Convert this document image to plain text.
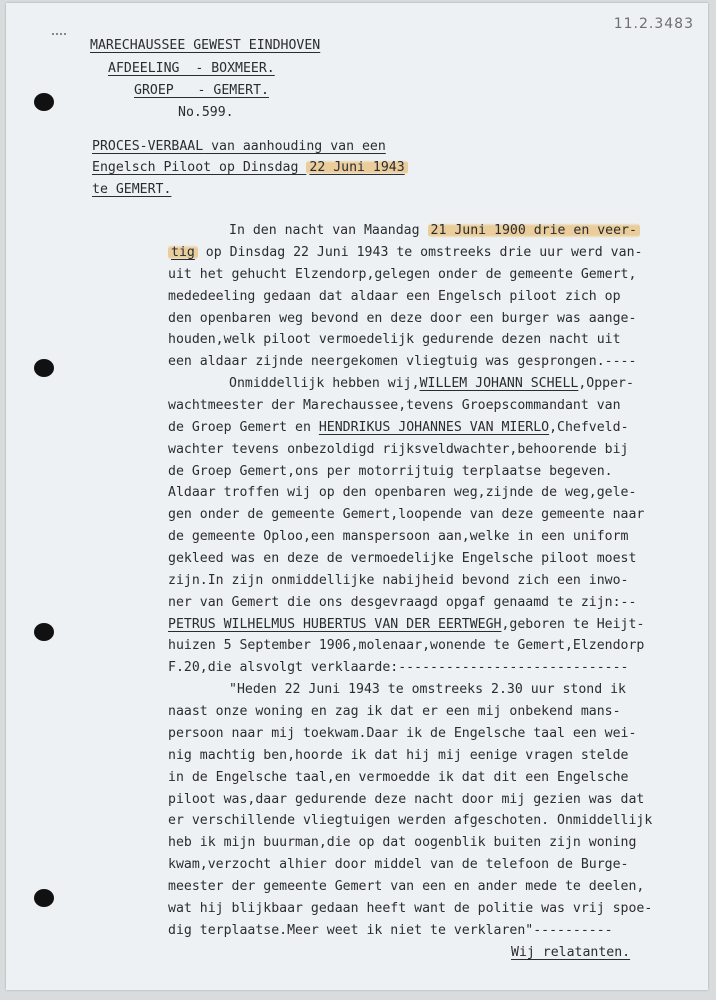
11.2.3483
MARECHAUSSEE GEWEST EINDHOVEN
AFDEELING  - BOXMEER.
GROEP   - GEMERT.
No.599.
PROCES-VERBAAL van aanhouding van een
Engelsch Piloot op Dinsdag 22 Juni 1943
te GEMERT.
In den nacht van Maandag 21 Juni 1900 drie en veer-
tig op Dinsdag 22 Juni 1943 te omstreeks drie uur werd van-
uit het gehucht Elzendorp,gelegen onder de gemeente Gemert,
mededeeling gedaan dat aldaar een Engelsch piloot zich op
den openbaren weg bevond en deze door een burger was aange-
houden,welk piloot vermoedelijk gedurende dezen nacht uit
een aldaar zijnde neergekomen vliegtuig was gesprongen.----
Onmiddellijk hebben wij,WILLEM JOHANN SCHELL,Opper-
wachtmeester der Marechaussee,tevens Groepscommandant van
de Groep Gemert en HENDRIKUS JOHANNES VAN MIERLO,Chefveld-
wachter tevens onbezoldigd rijksveldwachter,behoorende bij
de Groep Gemert,ons per motorrijtuig terplaatse begeven.
Aldaar troffen wij op den openbaren weg,zijnde de weg,gele-
gen onder de gemeente Gemert,loopende van deze gemeente naar
de gemeente Oploo,een manspersoon aan,welke in een uniform
gekleed was en deze de vermoedelijke Engelsche piloot moest
zijn.In zijn onmiddellijke nabijheid bevond zich een inwo-
ner van Gemert die ons desgevraagd opgaf genaamd te zijn:--
PETRUS WILHELMUS HUBERTUS VAN DER EERTWEGH,geboren te Heijt-
huizen 5 September 1906,molenaar,wonende te Gemert,Elzendorp
F.20,die alsvolgt verklaarde:-----------------------------
"Heden 22 Juni 1943 te omstreeks 2.30 uur stond ik
naast onze woning en zag ik dat er een mij onbekend mans-
persoon naar mij toekwam.Daar ik de Engelsche taal een wei-
nig machtig ben,hoorde ik dat hij mij eenige vragen stelde
in de Engelsche taal,en vermoedde ik dat dit een Engelsche
piloot was,daar gedurende deze nacht door mij gezien was dat
er verschillende vliegtuigen werden afgeschoten. Onmiddellijk
heb ik mijn buurman,die op dat oogenblik buiten zijn woning
kwam,verzocht alhier door middel van de telefoon de Burge-
meester der gemeente Gemert van een en ander mede te deelen,
wat hij blijkbaar gedaan heeft want de politie was vrij spoe-
dig terplaatse.Meer weet ik niet te verklaren"----------
Wij relatanten.
